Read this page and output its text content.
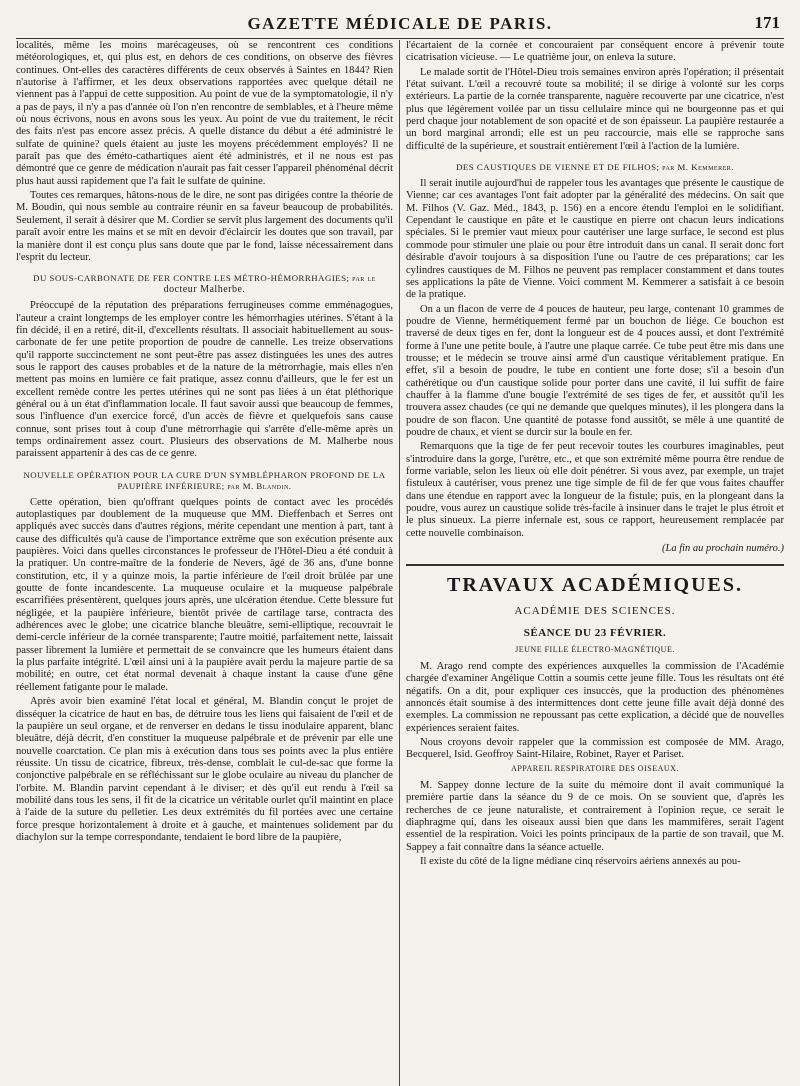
GAZETTE MÉDICALE DE PARIS.	171

localités, même les moins marécageuses, où se rencontrent ces conditions météorologiques, et, qui plus est, en dehors de ces conditions, on observe des fièvres continues. Ont-elles des caractères différents de ceux observés à Saintes en 1844? Rien n'autorise à l'affirmer, et les deux observations rapportées avec quelque détail ne viennent pas à l'appui de cette supposition. Au point de vue de la symptomatologie, il n'y a pas de pays, il n'y a pas d'année où l'on n'en rencontre de semblables, et à l'heure même où nous écrivons, nous en avons sous les yeux. Au point de vue du traitement, le récit des faits n'est pas encore assez précis. A quelle distance du début a été administré le sulfate de quinine? quels étaient au juste les moyens précédemment employés? Il ne paraît pas que des éméto-cathartiques aient été administrés, et il ne nous est pas démontré que ce genre de médication n'aurait pas fait cesser l'appareil phénoménal décrit plus haut aussi rapidement que l'a fait le sulfate de quinine.

Toutes ces remarques, hâtons-nous de le dire, ne sont pas dirigées contre la théorie de M. Boudin, qui nous semble au contraire réunir en sa faveur beaucoup de probabilités. Seulement, il serait à désirer que M. Cordier se servît plus largement des documents qu'il paraît avoir entre les mains et se mît en devoir d'éclaircir les doutes que son travail, par la manière dont il est conçu plus sans doute que par le fond, laisse nécessairement dans l'esprit du lecteur.

DU SOUS-CARBONATE DE FER CONTRE LES MÉTRO-HÉMORRHAGIES; par le
docteur Malherbe.

Préoccupé de la réputation des préparations ferrugineuses comme emménagogues, l'auteur a craint longtemps de les employer contre les hémorrhagies utérines. S'étant à la fin décidé, il en a retiré, dit-il, d'excellents résultats. Il associait habituellement au sous-carbonate de fer une petite proportion de poudre de cannelle. Les treize observations qu'il rapporte succinctement ne sont peut-être pas assez distinguées les unes des autres sous le rapport des causes probables et de la nature de la métrorrhagie, mais elles n'en mettent pas moins en lumière ce fait pratique, assez connu d'ailleurs, que le fer est un excellent remède contre les pertes utérines qui ne sont pas liées à un état pléthorique général ou à un état d'inflammation locale. Il faut savoir aussi que beaucoup de femmes, sous l'influence d'un exercice forcé, d'un accès de fièvre et quelquefois sans cause connue, sont prises tout à coup d'une métrorrhagie qui s'arrête d'elle-même après un temps ordinairement assez court. Plusieurs des observations de M. Malherbe nous paraissent appartenir à des cas de ce genre.

NOUVELLE OPÉRATION POUR LA CURE D'UN SYMBLÉPHARON PROFOND DE LA PAUPIÈRE INFÉRIEURE; par M. Blandin.

Cette opération, bien qu'offrant quelques points de contact avec les procédés autoplastiques par doublement de la muqueuse que MM. Dieffenbach et Serres ont appliqués avec succès dans d'autres régions, mérite cependant une mention à part, tant à cause des difficultés qu'à cause de l'importance extrême que son exécution présente aux paupières. Voici dans quelles circonstances le professeur de l'Hôtel-Dieu a été conduit à la pratiquer. Un contre-maître de la fonderie de Nevers, âgé de 36 ans, d'une bonne constitution, etc, il y a quinze mois, la partie inférieure de l'œil droit brûlée par une goutte de fonte incandescente. La muqueuse oculaire et la muqueuse palpébrale escarrifiées présentèrent, quelques jours après, une ulcération étendue. Cette blessure fut négligée, et la paupière inférieure, bientôt privée de cartilage tarse, contracta des adhérences avec le globe; une cicatrice blanche bleuâtre, semi-elliptique, recouvrait le demi-cercle inférieur de la cornée transparente; l'autre moitié, parfaitement nette, laissait passer librement la lumière et permettait de se convaincre que les humeurs étaient dans la plus parfaite intégrité. L'œil ainsi uni à la paupière avait perdu la majeure partie de sa mobilité; en outre, cet état normal devenait à chaque instant la cause d'une gêne réellement fatigante pour le malade.

Après avoir bien examiné l'état local et général, M. Blandin conçut le projet de disséquer la cicatrice de haut en bas, de détruire tous les liens qui faisaient de l'œil et de la paupière un seul organe, et de renverser en dedans le tissu inodulaire apparent, blanc bleuâtre, déjà décrit, d'en constituer la muqueuse palpébrale et de prévenir par elle une nouvelle coarctation. Ce plan mis à exécution dans tous ses points avec la plus entière réussite. Un tissu de cicatrice, fibreux, très-dense, comblait le cul-de-sac que forme la conjonctive palpébrale en se réfléchissant sur le globe oculaire au niveau du plancher de l'orbite. M. Blandin parvint cependant à le diviser; et dès qu'il eut rendu à l'œil sa mobilité dans tous les sens, il fit de la cicatrice un véritable ourlet qu'il maintint en place à l'aide de la suture du pelletier. Les deux extrémités du fil portées avec une certaine force presque horizontalement à droite et à gauche, et maintenues solidement par du diachylon sur la tempe correspondante, tendaient le bord libre de la paupière,

l'écartaient de la cornée et concouraient par conséquent encore à prévenir toute cicatrisation vicieuse. — Le quatrième jour, on enleva la suture.

Le malade sortit de l'Hôtel-Dieu trois semaines environ après l'opération; il présentait l'état suivant. L'œil a recouvré toute sa mobilité; il se dirige à volonté sur les corps extérieurs. La partie de la cornée transparente, naguère recouverte par une cicatrice, n'est plus que légèrement voilée par un tissu cellulaire mince qui ne bourgeonne pas et qui perd chaque jour notablement de son opacité et de son épaisseur. La paupière restaurée a un bord marginal arrondi; elle est un peu raccourcie, mais elle se rapproche sans difficulté de la supérieure, et soustrait entièrement l'œil à l'action de la lumière.

DES CAUSTIQUES DE VIENNE ET DE FILHOS; par M. Kemmerer.

Il serait inutile aujourd'hui de rappeler tous les avantages que présente le caustique de Vienne; car ces avantages l'ont fait adopter par la généralité des médecins. On sait que M. Filhos (V. Gaz. Méd., 1843, p. 156) en a encore étendu l'emploi en le solidifiant. Cependant le caustique en pâte et le caustique en pierre ont chacun leurs indications spéciales. Si le premier vaut mieux pour cautériser une large surface, le second est plus commode pour stimuler une plaie ou pour être introduit dans un canal. Il serait donc fort désirable d'avoir toujours à sa disposition l'une ou l'autre de ces préparations; car les cylindres caustiques de M. Filhos ne peuvent pas remplacer constamment et dans toutes ses applications la pâte de Vienne. Voici comment M. Kemmerer a satisfait à ce besoin de la pratique.

On a un flacon de verre de 4 pouces de hauteur, peu large, contenant 10 grammes de poudre de Vienne, hermétiquement fermé par un bouchon de liége. Ce bouchon est traversé de deux tiges en fer, dont la longueur est de 4 pouces aussi, et dont l'extrémité forme à l'une une petite boule, à l'autre une plaque carrée. Ce tube peut être mis dans une trousse; et le médecin se trouve ainsi armé d'un caustique véritablement pratique. En effet, s'il a besoin de poudre, le tube en contient une forte dose; s'il a besoin d'un cathérétique ou d'un caustique solide pour porter dans une cavité, il lui suffit de faire chauffer à la flamme d'une bougie l'extrémité de ses tiges de fer, et aussitôt qu'il les trouvera assez chaudes (ce qui ne demande que quelques minutes), il les plongera dans la poudre de son flacon. Une quantité de potasse fond aussitôt, se mêle à une quantité de poudre de chaux, et vient se durcir sur la boule en fer.

Remarquons que la tige de fer peut recevoir toutes les courbures imaginables, peut s'introduire dans la gorge, l'urètre, etc., et que son extrémité même pourra être rendue de forme variable, selon les lieux où elle doit pénétrer. Si vous avez, par exemple, un trajet fistuleux à cautériser, vous prenez une tige simple de fil de fer que vous faites chauffer dans une étendue en rapport avec la longueur de la fistule; puis, en la plongeant dans la poudre, vous aurez un caustique solide très-facile à insinuer dans le trajet le plus étroit et le plus sinueux. La pierre infernale est, sous ce rapport, heureusement remplacée par cette nouvelle combinaison.

(La fin au prochain numéro.)
TRAVAUX ACADÉMIQUES.
ACADÉMIE DES SCIENCES.
SÉANCE DU 23 FÉVRIER.
JEUNE FILLE ÉLECTRO-MAGNÉTIQUE.

M. Arago rend compte des expériences auxquelles la commission de l'Académie chargée d'examiner Angélique Cottin a soumis cette jeune fille. Tous les résultats ont été négatifs. On a dit, pour expliquer ces insuccès, que la production des phénomènes annoncés était soumise à des intermittences dont cette jeune fille avait déjà donné des exemples. La commission ne repoussant pas cette explication, a décidé que de nouvelles expériences seraient faites.

Nous croyons devoir rappeler que la commission est composée de MM. Arago, Becquerel, Isid. Geoffroy Saint-Hilaire, Robinet, Rayer et Pariset.

APPAREIL RESPIRATOIRE DES OISEAUX.

M. Sappey donne lecture de la suite du mémoire dont il avait communiqué la première partie dans la séance du 9 de ce mois. On se souvient que, d'après les recherches de ce jeune naturaliste, et contrairement à l'opinion reçue, ce serait le diaphragme qui, dans les oiseaux aussi bien que dans les mammifères, serait l'agent essentiel de la respiration. Voici les points principaux de la partie de son travail, que M. Sappey a fait connaître dans la séance actuelle.

Il existe du côté de la ligne médiane cinq réservoirs aériens annexés au pou-
